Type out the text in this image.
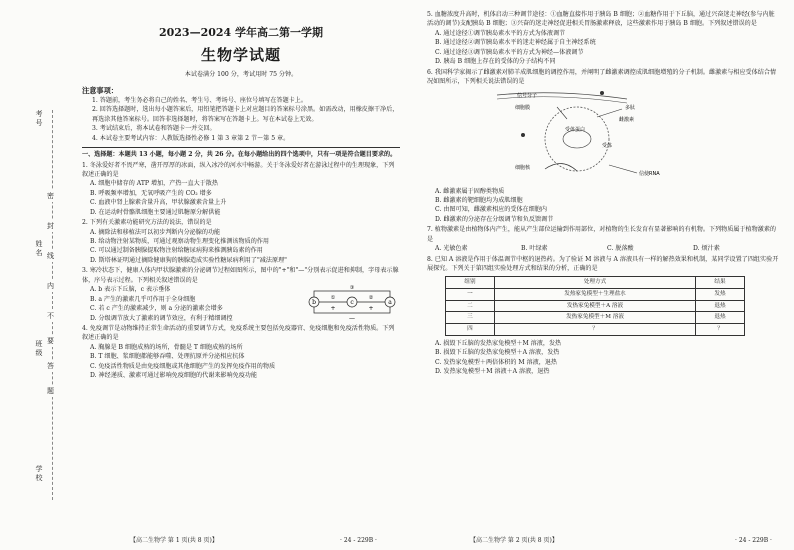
考号
姓名
班级
学校
密
封
线
内
不
要
答
题
2023—2024 学年高二第一学期
生物学试题
本试卷满分 100 分，考试用时 75 分钟。
注意事项：

1. 答题前，考生务必将自己的姓名、考生号、考场号、座位号填写在答题卡上。

2. 回答选择题时，选出每小题答案后，用铅笔把答题卡上对应题目的答案标号涂黑。如需改动，用橡皮擦干净后，再选涂其他答案标号。回答非选择题时，将答案写在答题卡上。写在本试卷上无效。

3. 考试结束后，将本试卷和答题卡一并交回。

4. 本试卷主要考试内容：人教版选择性必修 1 第 3 章第 2 节～第 5 章。

一、选择题：本题共 13 小题，每小题 2 分，共 26 分。在每小题给出的四个选项中，只有一项是符合题目要求的。

1. 冬泳爱好者不畏严寒，凿开厚厚的冰面，纵入冰冷的河水中畅游。关于冬泳爱好者在游泳过程中的生理现象，下列叙述正确的是

A. 细胞中储存的 ATP 增加，产热一直大于散热
B. 呼吸频率增加，无氧呼吸产生的 CO₂ 增多
C. 血液中肾上腺素含量升高，甲状腺激素含量上升
D. 在运动时骨骼肌细胞主要通过肌糖原分解供能

2. 下列有关激素功能研究方法的说法，错误的是

A. 摘除法和移植法可以初步判断内分泌腺的功能
B. 给动物注射某物质，可通过观察动物生理变化推测该物质的作用
C. 可以通过制备胰腺提取物注射给糖尿病狗来推测胰岛素的作用
D. 斯塔林证明通过摘除健康狗的胰腺造成实验性糖尿病利用了"减法原理"

3. 寒冷状态下，健康人体内甲状腺激素的分泌调节过程如图所示，图中的"+"和"—"分别表示促进和抑制，字母表示腺体，序号表示过程。下列相关叙述错误的是

A. b 表示下丘脑，c 表示垂体
B. a 产生的激素几乎可作用于全身细胞
C. 若 c 产生的激素减少，则 a 分泌的激素会增多
D. 分级调节放大了激素的调节效应，有利于精细调控
b	c	a
①	②
③
+	+
—

4. 免疫调节是动物维持正常生命活动的重要调节方式，免疫系统主要包括免疫器官、免疫细胞和免疫活性物质。下列叙述正确的是

A. 胸腺是 B 细胞成熟的场所，骨髓是 T 细胞成熟的场所
B. T 细胞、浆细胞都能够吞噬、处理抗原并分泌相应抗体
C. 免疫活性物质是由免疫细胞或其他细胞产生的发挥免疫作用的物质
D. 神经递质、激素可通过影响免疫细胞的代谢来影响免疫功能
【高二生物学 第 1 页(共 8 页)】	· 24 - 229B ·

5. 血糖浓度升高时，机体启动三种调节途径：①血糖直接作用于胰岛 B 细胞；②血糖作用于下丘脑，通过兴奋迷走神经(参与内脏活动的调节)支配胰岛 B 细胞；③兴奋的迷走神经促进相关胃肠激素释放，这些激素作用于胰岛 B 细胞。下列叙述错误的是

A. 通过途径①调节胰岛素水平的方式为体液调节
B. 通过途径②调节胰岛素水平的迷走神经属于自主神经系统
C. 通过途径③调节胰岛素水平的方式为神经—体液调节
D. 胰岛 B 细胞上存在的受体的分子结构不同

6. 我国科学家揭示了雌激素对肺羊成肌细胞的调控作用，并阐明了雌激素调控成肌细胞增殖的分子机制。雌激素与相应受体结合情况如图所示，下列相关说法错误的是

信号分子
细胞膜	多肽
雌激素
受体蛋白
细胞核
信使RNA
受体
A. 雌激素属于固醇类物质
B. 雌激素的靶细胞均为成肌细胞
C. 由图可知，雌激素相应的受体在细胞内
D. 雌激素的分泌存在分级调节和负反馈调节

7. 植物激素是由植物体内产生，能从产生部位运输到作用部位，对植物的生长发育有显著影响的有机物。下列物质属于植物激素的是

A. 光敏色素	B. 叶绿素	C. 脱落酸	D. 烦汁素

8. 已知 A 溶液是作用于体温调节中枢的退热药。为了验证 M 溶液与 A 溶液具有一样的解热效果和机制，某同学设置了四组实验开展探究。下列关于第四组实验处理方式和结果的分析，正确的是

组别	处理方式	结果
一	发热家兔模型＋生理盐水	发热
二	发热家兔模型＋A 溶液	退热
三	发热家兔模型＋M 溶液	退热
四	？	？
A. 损毁下丘脑的发热家兔模型＋M 溶液，发热
B. 损毁下丘脑的发热家兔模型＋A 溶液，发热
C. 发热家兔模型＋两倍体积的 M 溶液，退热
D. 发热家兔模型＋M 溶液＋A 溶液，退热
【高二生物学 第 2 页(共 8 页)】	· 24 - 229B ·
